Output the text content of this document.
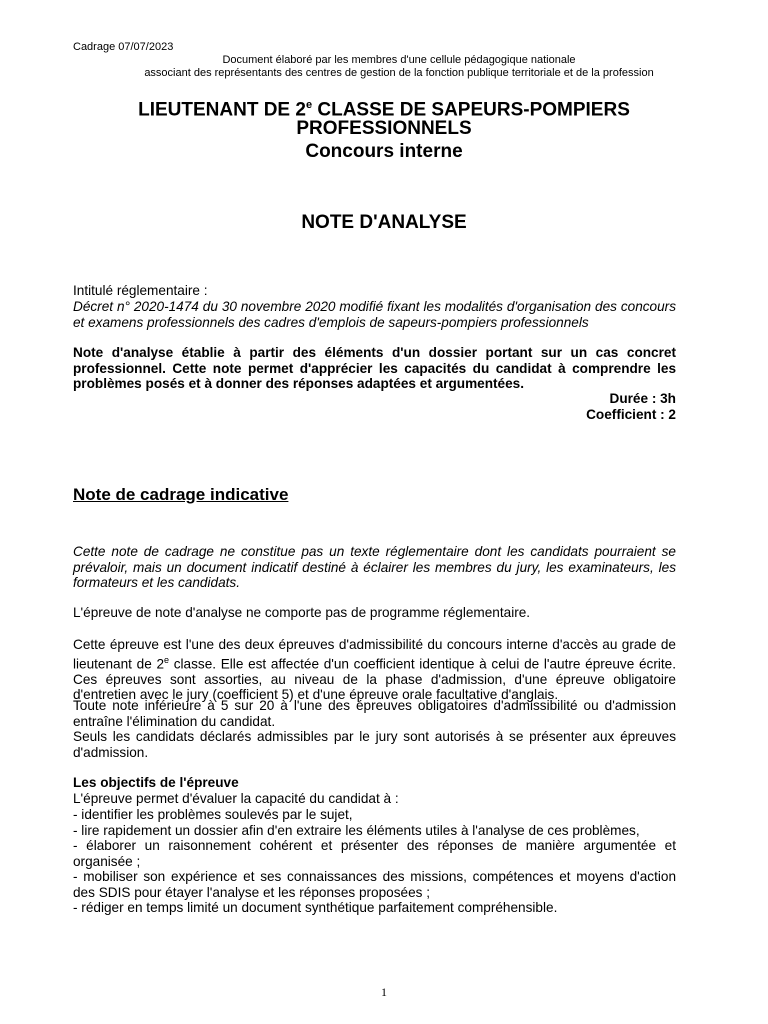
Cadrage 07/07/2023
Document élaboré par les membres d'une cellule pédagogique nationale
associant des représentants des centres de gestion de la fonction publique territoriale et de la profession
LIEUTENANT DE 2e CLASSE DE SAPEURS-POMPIERS
PROFESSIONNELS
Concours interne
NOTE D'ANALYSE
Intitulé réglementaire :
Décret n° 2020-1474 du 30 novembre 2020 modifié fixant les modalités d'organisation des concours et examens professionnels des cadres d'emplois de sapeurs-pompiers professionnels
Note d'analyse établie à partir des éléments d'un dossier portant sur un cas concret professionnel. Cette note permet d'apprécier les capacités du candidat à comprendre les problèmes posés et à donner des réponses adaptées et argumentées.
Durée : 3h
Coefficient : 2
Note de cadrage indicative
Cette note de cadrage ne constitue pas un texte réglementaire dont les candidats pourraient se prévaloir, mais un document indicatif destiné à éclairer les membres du jury, les examinateurs, les formateurs et les candidats.
L'épreuve de note d'analyse ne comporte pas de programme réglementaire.
Cette épreuve est l'une des deux épreuves d'admissibilité du concours interne d'accès au grade de lieutenant de 2e classe. Elle est affectée d'un coefficient identique à celui de l'autre épreuve écrite. Ces épreuves sont assorties, au niveau de la phase d'admission, d'une épreuve obligatoire d'entretien avec le jury (coefficient 5) et d'une épreuve orale facultative d'anglais.
Toute note inférieure à 5 sur 20 à l'une des épreuves obligatoires d'admissibilité ou d'admission entraîne l'élimination du candidat.
Seuls les candidats déclarés admissibles par le jury sont autorisés à se présenter aux épreuves d'admission.
Les objectifs de l'épreuve
L'épreuve permet d'évaluer la capacité du candidat à :
- identifier les problèmes soulevés par le sujet,
- lire rapidement un dossier afin d'en extraire les éléments utiles à l'analyse de ces problèmes,
- élaborer un raisonnement cohérent et présenter des réponses de manière argumentée et organisée ;
- mobiliser son expérience et ses connaissances des missions, compétences et moyens d'action des SDIS pour étayer l'analyse et les réponses proposées ;
- rédiger en temps limité un document synthétique parfaitement compréhensible.
1
